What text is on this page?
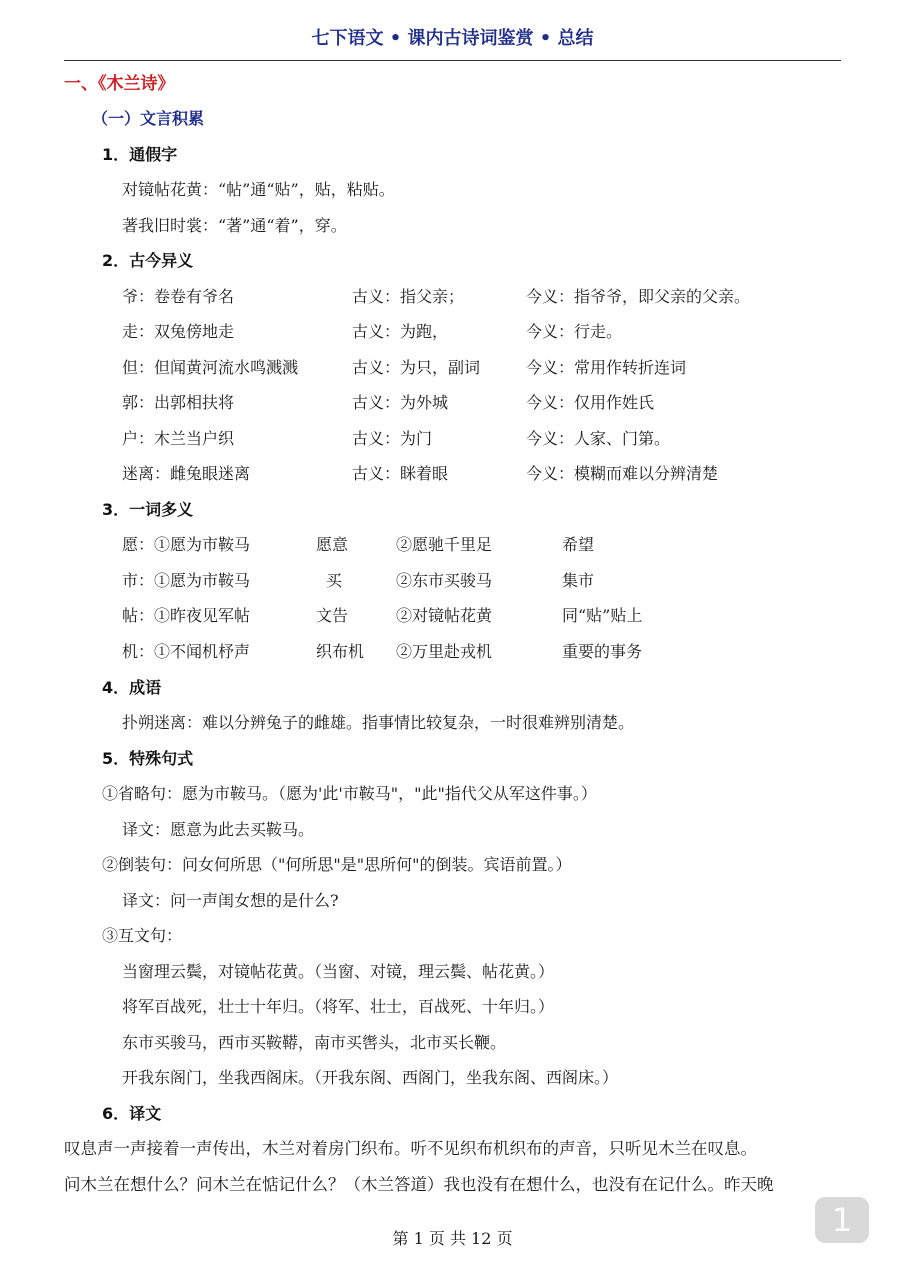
七下语文 • 课内古诗词鉴赏 • 总结
一、《木兰诗》
（一）文言积累
1．通假字
对镜帖花黄：“帖”通“贴”，贴，粘贴。
著我旧时裳：“著”通“着”，穿。
2．古今异义
爷：卷卷有爷名	古义：指父亲；	今义：指爷爷，即父亲的父亲。
走：双兔傍地走	古义：为跑，	今义：行走。
但：但闻黄河流水鸣溅溅	古义：为只，副词	今义：常用作转折连词
郭：出郭相扶将	古义：为外城	今义：仅用作姓氏
户：木兰当户织	古义：为门	今义：人家、门第。
迷离：雌兔眼迷离	古义：眯着眼	今义：模糊而难以分辨清楚
3．一词多义
愿：①愿为市鞍马	愿意	②愿驰千里足	希望
市：①愿为市鞍马	买	②东市买骏马	集市
帖：①昨夜见军帖	文告	②对镜帖花黄	同“贴”贴上
机：①不闻机杼声	织布机 ②万里赴戎机	重要的事务
4．成语
扑朔迷离：难以分辨兔子的雌雄。指事情比较复杂，一时很难辨别清楚。
5．特殊句式
①省略句：愿为市鞍马。（愿为'此'市鞍马"，"此"指代父从军这件事。）
译文：愿意为此去买鞍马。
②倒装句：问女何所思（"何所思"是"思所何"的倒装。宾语前置。）
译文：问一声闺女想的是什么?
③互文句：
当窗理云鬓，对镜帖花黄。（当窗、对镜，理云鬓、帖花黄。）
将军百战死，壮士十年归。（将军、壮士，百战死、十年归。）
东市买骏马，西市买鞍鞯，南市买辔头，北市买长鞭。
开我东阁门，坐我西阁床。（开我东阁、西阁门，坐我东阁、西阁床。）
6．译文
叹息声一声接着一声传出，木兰对着房门织布。听不见织布机织布的声音，只听见木兰在叹息。
问木兰在想什么？问木兰在惦记什么？（木兰答道）我也没有在想什么，也没有在记什么。昨天晚
第 1 页 共 12 页	1
